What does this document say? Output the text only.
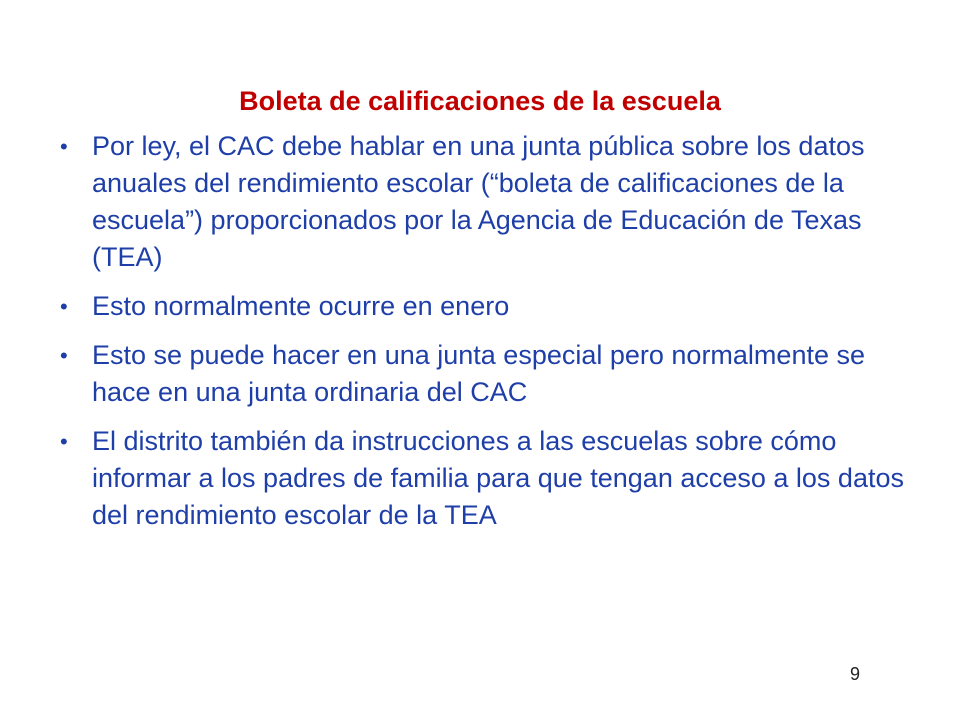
Boleta de calificaciones de la escuela
• Por ley, el CAC debe hablar en una junta pública sobre los datos anuales del rendimiento escolar (“boleta de calificaciones de la escuela”) proporcionados por la Agencia de Educación de Texas (TEA)
• Esto normalmente ocurre en enero
• Esto se puede hacer en una junta especial pero normalmente se hace en una junta ordinaria del CAC
• El distrito también da instrucciones a las escuelas sobre cómo informar a los padres de familia para que tengan acceso a los datos del rendimiento escolar de la TEA
9
